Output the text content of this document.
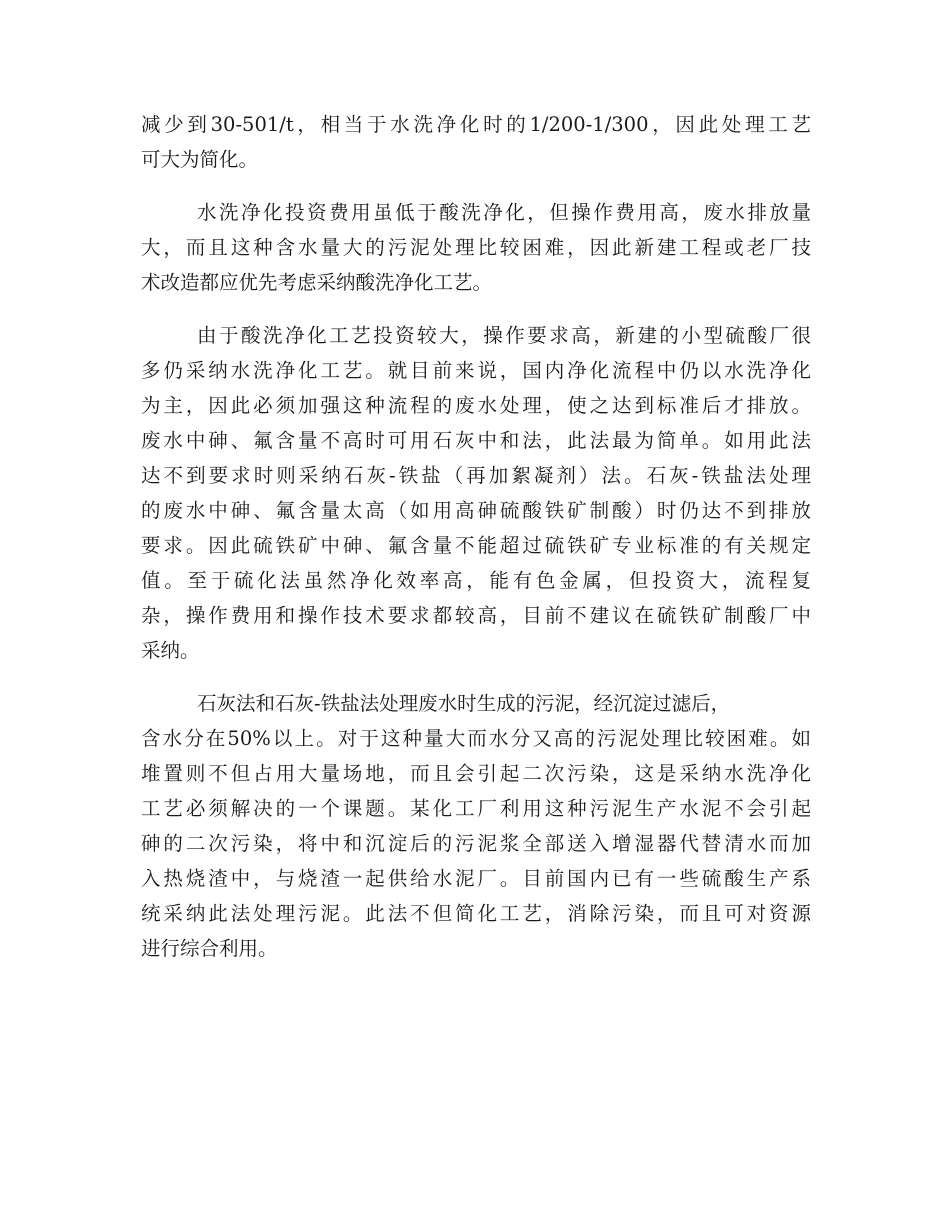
减少到30-501/t，相当于水洗净化时的1/200-1/300，因此处理工艺
可大为简化。
水洗净化投资费用虽低于酸洗净化，但操作费用高，废水排放量
大，而且这种含水量大的污泥处理比较困难，因此新建工程或老厂技
术改造都应优先考虑采纳酸洗净化工艺。
由于酸洗净化工艺投资较大，操作要求高，新建的小型硫酸厂很
多仍采纳水洗净化工艺。就目前来说，国内净化流程中仍以水洗净化
为主，因此必须加强这种流程的废水处理，使之达到标准后才排放。
废水中砷、氟含量不高时可用石灰中和法，此法最为简单。如用此法
达不到要求时则采纳石灰-铁盐（再加絮凝剂）法。石灰-铁盐法处理
的废水中砷、氟含量太高（如用高砷硫酸铁矿制酸）时仍达不到排放
要求。因此硫铁矿中砷、氟含量不能超过硫铁矿专业标准的有关规定
值。至于硫化法虽然净化效率高，能有色金属，但投资大，流程复
杂，操作费用和操作技术要求都较高，目前不建议在硫铁矿制酸厂中
采纳。
石灰法和石灰-铁盐法处理废水时生成的污泥，经沉淀过滤后，
含水分在50%以上。对于这种量大而水分又高的污泥处理比较困难。如
堆置则不但占用大量场地，而且会引起二次污染，这是采纳水洗净化
工艺必须解决的一个课题。某化工厂利用这种污泥生产水泥不会引起
砷的二次污染，将中和沉淀后的污泥浆全部送入增湿器代替清水而加
入热烧渣中，与烧渣一起供给水泥厂。目前国内已有一些硫酸生产系
统采纳此法处理污泥。此法不但简化工艺，消除污染，而且可对资源
进行综合利用。
